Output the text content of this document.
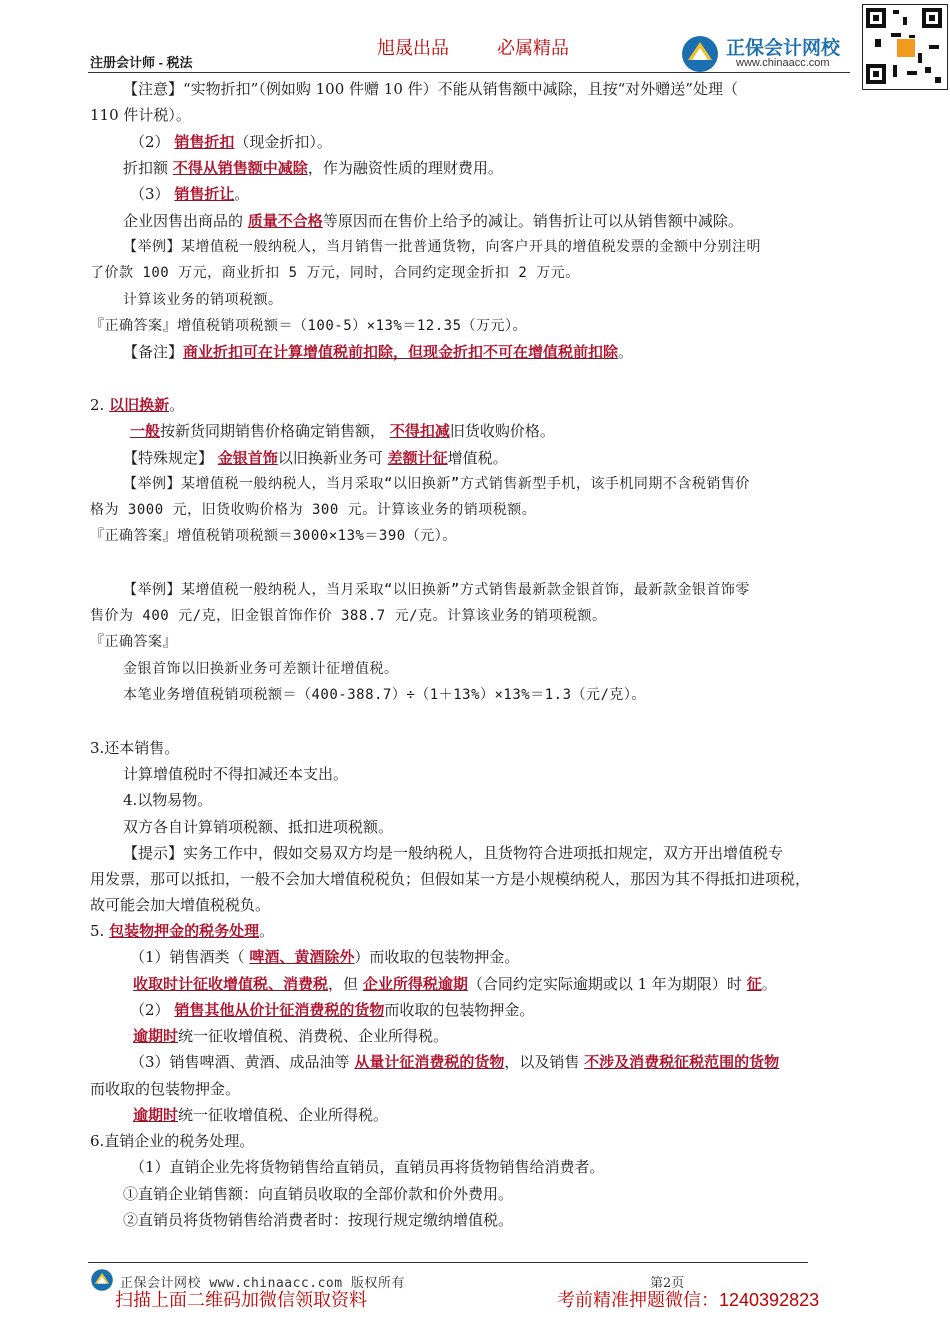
旭晟出品	必属精品
注册会计师 - 税法
正保会计网校
www.chinaacc.com
【注意】“实物折扣”（例如购 100 件赠 10 件）不能从销售额中减除，且按“对外赠送”处理（
110 件计税）。
（2） 销售折扣（现金折扣）。
折扣额 不得从销售额中减除，作为融资性质的理财费用。
（3） 销售折让。
企业因售出商品的 质量不合格等原因而在售价上给予的减让。销售折让可以从销售额中减除。
【举例】某增值税一般纳税人，当月销售一批普通货物，向客户开具的增值税发票的金额中分别注明
了价款 100 万元，商业折扣 5 万元，同时，合同约定现金折扣 2 万元。
计算该业务的销项税额。
『正确答案』增值税销项税额＝（100-5）×13%＝12.35（万元）。
【备注】商业折扣可在计算增值税前扣除，但现金折扣不可在增值税前扣除。
2. 以旧换新。
一般按新货同期销售价格确定销售额， 不得扣减旧货收购价格。
【特殊规定】 金银首饰以旧换新业务可 差额计征增值税。
【举例】某增值税一般纳税人，当月采取“以旧换新”方式销售新型手机，该手机同期不含税销售价
格为 3000 元，旧货收购价格为 300 元。计算该业务的销项税额。
『正确答案』增值税销项税额＝3000×13%＝390（元）。
【举例】某增值税一般纳税人，当月采取“以旧换新”方式销售最新款金银首饰，最新款金银首饰零
售价为 400 元/克，旧金银首饰作价 388.7 元/克。计算该业务的销项税额。
『正确答案』
金银首饰以旧换新业务可差额计征增值税。
本笔业务增值税销项税额＝（400-388.7）÷（1＋13%）×13%＝1.3（元/克）。
3.还本销售。
计算增值税时不得扣减还本支出。
4.以物易物。
双方各自计算销项税额、抵扣进项税额。
【提示】实务工作中，假如交易双方均是一般纳税人，且货物符合进项抵扣规定，双方开出增值税专
用发票，那可以抵扣，一般不会加大增值税税负；但假如某一方是小规模纳税人，那因为其不得抵扣进项税，
故可能会加大增值税税负。
5. 包装物押金的税务处理。
（1）销售酒类（ 啤酒、黄酒除外）而收取的包装物押金。
收取时计征收增值税、消费税，但 企业所得税逾期（合同约定实际逾期或以 1 年为期限）时 征。
（2） 销售其他从价计征消费税的货物而收取的包装物押金。
逾期时统一征收增值税、消费税、企业所得税。
（3）销售啤酒、黄酒、成品油等 从量计征消费税的货物，以及销售 不涉及消费税征税范围的货物
而收取的包装物押金。
逾期时统一征收增值税、企业所得税。
6.直销企业的税务处理。
（1）直销企业先将货物销售给直销员，直销员再将货物销售给消费者。
①直销企业销售额：向直销员收取的全部价款和价外费用。
②直销员将货物销售给消费者时：按现行规定缴纳增值税。
正保会计网校 www.chinaacc.com 版权所有	第2页
扫描上面二维码加微信领取资料	考前精准押题微信：1240392823
